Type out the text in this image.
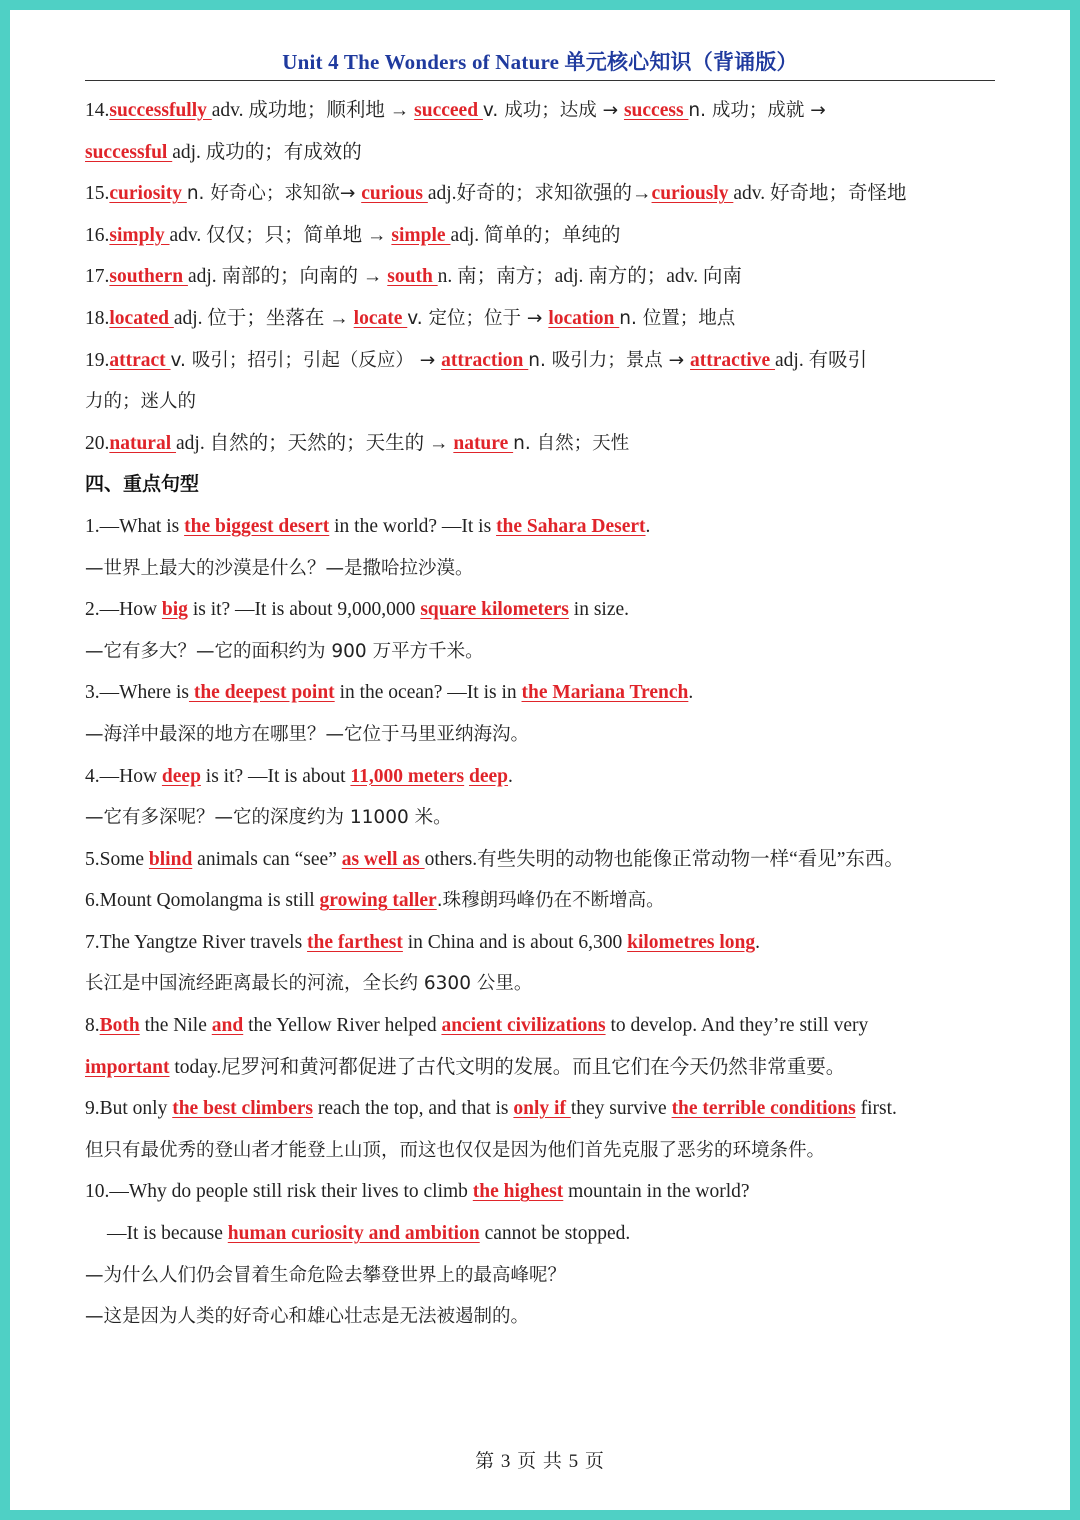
Unit 4 The Wonders of Nature 单元核心知识（背诵版）
14.successfully adv. 成功地；顺利地 → succeed v. 成功；达成 → success n. 成功；成就 →
successful adj. 成功的；有成效的
15.curiosity n. 好奇心；求知欲→ curious adj.好奇的；求知欲强的→curiously adv. 好奇地；奇怪地
16.simply adv. 仅仅；只；简单地 → simple adj. 简单的；单纯的
17.southern adj. 南部的；向南的 → south n. 南；南方；adj. 南方的；adv. 向南
18.located adj. 位于；坐落在 → locate v. 定位；位于 → location n. 位置；地点
19.attract v. 吸引；招引；引起（反应） → attraction n. 吸引力；景点 → attractive adj. 有吸引
力的；迷人的
20.natural adj. 自然的；天然的；天生的 → nature n. 自然；天性
四、重点句型
1.—What is the biggest desert in the world? —It is the Sahara Desert.
—世界上最大的沙漠是什么？—是撒哈拉沙漠。
2.—How big is it? —It is about 9,000,000 square kilometers in size.
—它有多大？—它的面积约为 900 万平方千米。
3.—Where is the deepest point in the ocean? —It is in the Mariana Trench.
—海洋中最深的地方在哪里？—它位于马里亚纳海沟。
4.—How deep is it? —It is about 11,000 meters deep.
—它有多深呢？—它的深度约为 11000 米。
5.Some blind animals can “see” as well as others.有些失明的动物也能像正常动物一样“看见”东西。
6.Mount Qomolangma is still growing taller.珠穆朗玛峰仍在不断增高。
7.The Yangtze River travels the farthest in China and is about 6,300 kilometres long.
长江是中国流经距离最长的河流，全长约 6300 公里。
8.Both the Nile and the Yellow River helped ancient civilizations to develop. And they’re still very
important today.尼罗河和黄河都促进了古代文明的发展。而且它们在今天仍然非常重要。
9.But only the best climbers reach the top, and that is only if they survive the terrible conditions first.
但只有最优秀的登山者才能登上山顶，而这也仅仅是因为他们首先克服了恶劣的环境条件。
10.—Why do people still risk their lives to climb the highest mountain in the world?
—It is because human curiosity and ambition cannot be stopped.
—为什么人们仍会冒着生命危险去攀登世界上的最高峰呢？
—这是因为人类的好奇心和雄心壮志是无法被遏制的。
第 3 页 共 5 页
